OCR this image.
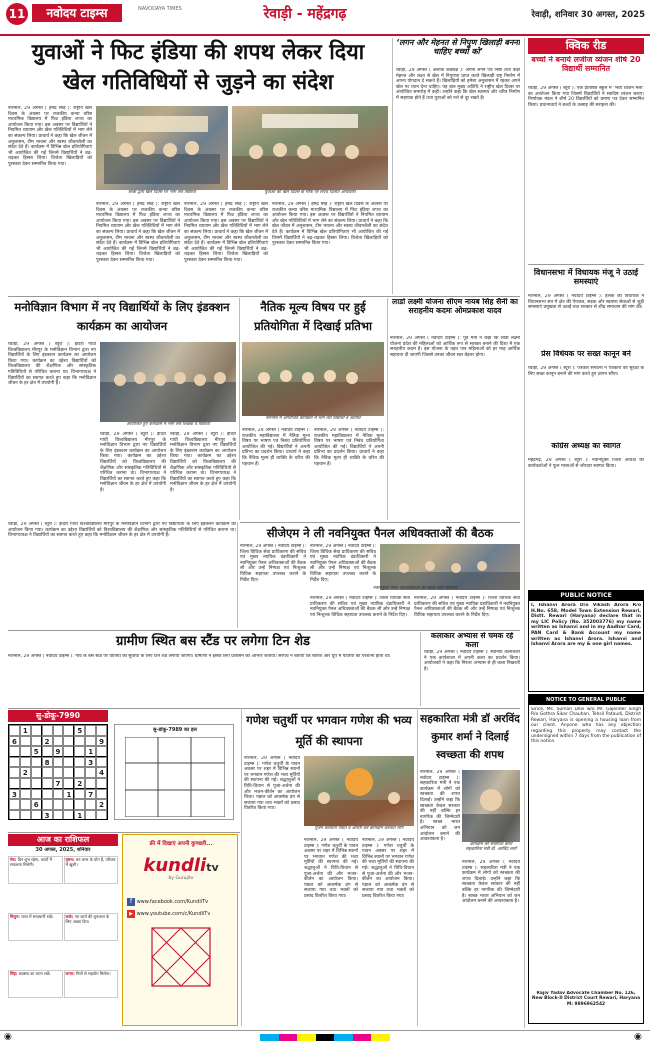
11	नवोदय टाइम्स	NAVODAYA TIMES	रेवाड़ी - महेंद्रगढ़	रेवाड़ी, शनिवार 30 अगस्त, 2025
युवाओं ने फिट इंडिया की शपथ लेकर दिया
खेल गतिविधियों से जुड़ने का संदेश
नारनौल, 29 अगस्त ( हमेंद्र सिंह ): राष्ट्रीय खेल दिवस के अवसर पर राजकीय कन्या वरिष्ठ माध्यमिक विद्यालय में फिट इंडिया शपथ का आयोजन किया गया। इस अवसर पर विद्यार्थियों ने नियमित व्यायाम और खेल गतिविधियों में भाग लेने का संकल्प लिया। प्राचार्य ने कहा कि खेल जीवन में अनुशासन, टीम भावना और स्वस्थ जीवनशैली का संदेश देते हैं। कार्यक्रम में विभिन्न खेल प्रतियोगिताएं भी आयोजित की गईं जिनमें विद्यार्थियों ने बढ़-चढ़कर हिस्सा लिया। विजेता खिलाड़ियों को पुरस्कार देकर सम्मानित किया गया।
छात्रों द्वारा खेल दिवस पर भाग लेते विद्यार्थी	युवाओं को खेल दिवस के मौके पर शपथ दिलाते अधिकारी
नारनौल, 29 अगस्त ( हमेंद्र सिंह ): राष्ट्रीय खेल दिवस के अवसर पर राजकीय कन्या वरिष्ठ माध्यमिक विद्यालय में फिट इंडिया शपथ का आयोजन किया गया। इस अवसर पर विद्यार्थियों ने नियमित व्यायाम और खेल गतिविधियों में भाग लेने का संकल्प लिया। प्राचार्य ने कहा कि खेल जीवन में अनुशासन, टीम भावना और स्वस्थ जीवनशैली का संदेश देते हैं। कार्यक्रम में विभिन्न खेल प्रतियोगिताएं भी आयोजित की गईं जिनमें विद्यार्थियों ने बढ़-चढ़कर हिस्सा लिया। विजेता खिलाड़ियों को पुरस्कार देकर सम्मानित किया गया।
नारनौल, 29 अगस्त ( हमेंद्र सिंह ): राष्ट्रीय खेल दिवस के अवसर पर राजकीय कन्या वरिष्ठ माध्यमिक विद्यालय में फिट इंडिया शपथ का आयोजन किया गया। इस अवसर पर विद्यार्थियों ने नियमित व्यायाम और खेल गतिविधियों में भाग लेने का संकल्प लिया। प्राचार्य ने कहा कि खेल जीवन में अनुशासन, टीम भावना और स्वस्थ जीवनशैली का संदेश देते हैं। कार्यक्रम में विभिन्न खेल प्रतियोगिताएं भी आयोजित की गईं जिनमें विद्यार्थियों ने बढ़-चढ़कर हिस्सा लिया। विजेता खिलाड़ियों को पुरस्कार देकर सम्मानित किया गया।
नारनौल, 29 अगस्त ( हमेंद्र सिंह ): राष्ट्रीय खेल दिवस के अवसर पर राजकीय कन्या वरिष्ठ माध्यमिक विद्यालय में फिट इंडिया शपथ का आयोजन किया गया। इस अवसर पर विद्यार्थियों ने नियमित व्यायाम और खेल गतिविधियों में भाग लेने का संकल्प लिया। प्राचार्य ने कहा कि खेल जीवन में अनुशासन, टीम भावना और स्वस्थ जीवनशैली का संदेश देते हैं। कार्यक्रम में विभिन्न खेल प्रतियोगिताएं भी आयोजित की गईं जिनमें विद्यार्थियों ने बढ़-चढ़कर हिस्सा लिया। विजेता खिलाड़ियों को पुरस्कार देकर सम्मानित किया गया।
‘लगन और मेहनत से निपुण खिलाड़ी बनना चाहिए बच्चों को’
रेवाड़ी, 29 अगस्त ( अशोक कक्कड़ ): अपनी लगन एवं निष्ठा तथा कड़ी मेहनत और लक्ष्य से खेल में निपुणता प्राप्त करते खिलाड़ी राष्ट्र निर्माण में अपना योगदान दे सकते हैं। खिलाड़ियों को हमेशा अनुशासन में रहकर अपने खेल पर ध्यान देना चाहिए। यह बात मुख्य अतिथि ने राष्ट्रीय खेल दिवस पर आयोजित समारोह में कही। उन्होंने कहा कि खेल स्वास्थ्य और चरित्र निर्माण में सहायक होते हैं तथा युवाओं को नशे से दूर रखते हैं।
क्विक रीड
बच्चों ने बनाये लजीज व्यंजन शीर्ष 20 विद्यार्थी सम्मानित
रेवाड़ी, 29 अगस्त ( ब्यूरो ): एक प्रतिष्ठित स्कूल में ‘भव्य व्यंजन मेला’ का आयोजन किया गया जिसमें विद्यार्थियों ने स्वादिष्ट व्यंजन बनाए। निर्णायक मंडल ने शीर्ष 20 विद्यार्थियों को प्रमाण पत्र देकर सम्मानित किया। प्रधानाचार्य ने बच्चों के उत्साह की सराहना की।
विधानसभा में विधायक मंजू ने उठाई समस्याएं
नारनौल, 29 अगस्त ( नवोदय टाइम्स ): हलके की विधायक ने विधानसभा सत्र में क्षेत्र की पेयजल, सड़क और स्वास्थ्य सेवाओं से जुड़ी समस्याएं प्रमुखता से उठाईं तथा सरकार से शीघ्र समाधान की मांग की।
प्रेस विधेयक पर सख्त कानून बने
रेवाड़ी, 29 अगस्त ( ब्यूरो ): पत्रकार संगठनों ने पत्रकारों की सुरक्षा के लिए सख्त कानून बनाने की मांग करते हुए ज्ञापन सौंपा।
कांग्रेस अध्यक्ष का स्वागत
महेंद्रगढ़, 29 अगस्त ( ब्यूरो ): नवनियुक्त जिला अध्यक्ष का कार्यकर्ताओं ने फूल मालाओं से जोरदार स्वागत किया।
मनोविज्ञान विभाग में नए विद्यार्थियों के लिए इंडक्शन कार्यक्रम का आयोजन
रेवाड़ी, 29 अगस्त ( ब्यूरो ): इंदिरा गांधी विश्वविद्यालय मीरपुर के मनोविज्ञान विभाग द्वारा नए विद्यार्थियों के लिए इंडक्शन कार्यक्रम का आयोजन किया गया। कार्यक्रम का उद्देश्य विद्यार्थियों को विश्वविद्यालय की शैक्षणिक और सांस्कृतिक गतिविधियों से परिचित कराना था। विभागाध्यक्ष ने विद्यार्थियों का स्वागत करते हुए कहा कि मनोविज्ञान जीवन के हर क्षेत्र में उपयोगी है।
आयोजित हुए कार्यक्रम में भाग लेते शिक्षक व विद्यार्थी
रेवाड़ी, 29 अगस्त ( ब्यूरो ): इंदिरा गांधी विश्वविद्यालय मीरपुर के मनोविज्ञान विभाग द्वारा नए विद्यार्थियों के लिए इंडक्शन कार्यक्रम का आयोजन किया गया। कार्यक्रम का उद्देश्य विद्यार्थियों को विश्वविद्यालय की शैक्षणिक और सांस्कृतिक गतिविधियों से परिचित कराना था। विभागाध्यक्ष ने विद्यार्थियों का स्वागत करते हुए कहा कि मनोविज्ञान जीवन के हर क्षेत्र में उपयोगी है।
रेवाड़ी, 29 अगस्त ( ब्यूरो ): इंदिरा गांधी विश्वविद्यालय मीरपुर के मनोविज्ञान विभाग द्वारा नए विद्यार्थियों के लिए इंडक्शन कार्यक्रम का आयोजन किया गया। कार्यक्रम का उद्देश्य विद्यार्थियों को विश्वविद्यालय की शैक्षणिक और सांस्कृतिक गतिविधियों से परिचित कराना था। विभागाध्यक्ष ने विद्यार्थियों का स्वागत करते हुए कहा कि मनोविज्ञान जीवन के हर क्षेत्र में उपयोगी है।
नैतिक मूल्य विषय पर हुई प्रतियोगिता में दिखाई प्रतिभा
नारनौल में आयोजित कार्यक्रम में भाग लेते विद्यार्थी व अतिथि
नारनौल, 29 अगस्त ( नवोदय टाइम्स ): राजकीय महाविद्यालय में नैतिक मूल्य विषय पर भाषण एवं निबंध प्रतियोगिता आयोजित की गई। विद्यार्थियों ने अपनी प्रतिभा का प्रदर्शन किया। प्राचार्य ने कहा कि नैतिक मूल्य ही व्यक्ति के चरित्र की पहचान हैं।
नारनौल, 29 अगस्त ( नवोदय टाइम्स ): राजकीय महाविद्यालय में नैतिक मूल्य विषय पर भाषण एवं निबंध प्रतियोगिता आयोजित की गई। विद्यार्थियों ने अपनी प्रतिभा का प्रदर्शन किया। प्राचार्य ने कहा कि नैतिक मूल्य ही व्यक्ति के चरित्र की पहचान हैं।
लाडो लक्ष्मी योजना सीएम नायब सिंह सैनी का सराहनीय कदमः ओमप्रकाश यादव
नारनौल, 29 अगस्त ( नवोदय टाइम्स ): पूर्व मंत्री ने कहा कि लाडो लक्ष्मी योजना प्रदेश की महिलाओं को आर्थिक रूप से सशक्त बनाने की दिशा में एक सराहनीय कदम है। इस योजना के तहत पात्र महिलाओं को हर माह आर्थिक सहायता दी जाएगी जिससे उनका जीवन स्तर बेहतर होगा।
सीजेएम ने ली नवनियुक्त पैनल अधिवक्ताओं की बैठक
नारनौल, 29 अगस्त ( नवोदय टाइम्स ): जिला विधिक सेवा प्राधिकरण की सचिव एवं मुख्य न्यायिक दंडाधिकारी ने नवनियुक्त पैनल अधिवक्ताओं की बैठक ली और उन्हें निष्पक्ष एवं निःशुल्क विधिक सहायता उपलब्ध कराने के निर्देश दिए।
नारनौल, 29 अगस्त ( नवोदय टाइम्स ): जिला विधिक सेवा प्राधिकरण की सचिव एवं मुख्य न्यायिक दंडाधिकारी ने नवनियुक्त पैनल अधिवक्ताओं की बैठक ली और उन्हें निष्पक्ष एवं निःशुल्क विधिक सहायता उपलब्ध कराने के निर्देश दिए।
नवनियुक्त पैनल अधिवक्ताओं की बैठक लेती सीजेएम
नारनौल, 29 अगस्त ( नवोदय टाइम्स ): जिला विधिक सेवा प्राधिकरण की सचिव एवं मुख्य न्यायिक दंडाधिकारी ने नवनियुक्त पैनल अधिवक्ताओं की बैठक ली और उन्हें निष्पक्ष एवं निःशुल्क विधिक सहायता उपलब्ध कराने के निर्देश दिए।
नारनौल, 29 अगस्त ( नवोदय टाइम्स ): जिला विधिक सेवा प्राधिकरण की सचिव एवं मुख्य न्यायिक दंडाधिकारी ने नवनियुक्त पैनल अधिवक्ताओं की बैठक ली और उन्हें निष्पक्ष एवं निःशुल्क विधिक सहायता उपलब्ध कराने के निर्देश दिए।
रेवाड़ी, 29 अगस्त ( ब्यूरो ): इंदिरा गांधी विश्वविद्यालय मीरपुर के मनोविज्ञान विभाग द्वारा नए विद्यार्थियों के लिए इंडक्शन कार्यक्रम का आयोजन किया गया। कार्यक्रम का उद्देश्य विद्यार्थियों को विश्वविद्यालय की शैक्षणिक और सांस्कृतिक गतिविधियों से परिचित कराना था। विभागाध्यक्ष ने विद्यार्थियों का स्वागत करते हुए कहा कि मनोविज्ञान जीवन के हर क्षेत्र में उपयोगी है।
ग्रामीण स्थित बस स्टैंड पर लगेगा टिन शेड
नारनौल, 29 अगस्त ( नवोदय टाइम्स ): गांव के बस स्टैंड पर यात्रियों की सुविधा के लिए टिन शेड लगाया जाएगा। ग्रामीणों ने इसके लिए प्रशासन का आभार जताया। सरपंच ने बताया कि बारिश और धूप में यात्रियों को परेशानी होती थी।
कलाकार अभ्यास से चमक रहे कला
रेवाड़ी, 29 अगस्त ( नवोदय टाइम्स ): स्थानीय कलाकारों ने एक कार्यशाला में अपनी कला का प्रदर्शन किया। आयोजकों ने कहा कि निरंतर अभ्यास से ही कला निखरती है।
सु-डोकू-7990
1	5
6	2	9
5	9	1
8	3
2	4
7	2
3	1	7
6	2
3	1
सु-डोकू-7989 का हल
आज का राशिफल
30 अगस्त, 2025, शनिवार
मेष: दिन शुभ रहेगा, कार्यों में सफलता मिलेगी।
वृषभ: धन लाभ के योग हैं, परिवार में खुशी।
मिथुन: यात्रा में सावधानी रखें।	कर्क: नए कार्य की शुरुआत के लिए अच्छा दिन।
सिंह: स्वास्थ्य का ध्यान रखें।	कन्या: मित्रों से सहयोग मिलेगा।
फ्री में दिखाएं अपनी कुण्डली...
kundlitv
by Gurujitv
f www.facebook.com/KundliTv
▶ www.youtube.com/c/KundliTv
गणेश चतुर्थी पर भगवान गणेश की भव्य मूर्ति की स्थापना
नारनौल, 29 अगस्त ( नवोदय टाइम्स ): गणेश चतुर्थी के पावन अवसर पर शहर में विभिन्न स्थानों पर भगवान गणेश की भव्य मूर्तियों की स्थापना की गई। श्रद्धालुओं ने विधि-विधान से पूजा-अर्चना की और भजन-कीर्तन का आयोजन किया। पंडाल को आकर्षक ढंग से सजाया गया तथा भक्तों को प्रसाद वितरित किया गया।
पूजन करवाता पंडित व आरती कर कार्यक्रम करवाते लोग
नारनौल, 29 अगस्त ( नवोदय टाइम्स ): गणेश चतुर्थी के पावन अवसर पर शहर में विभिन्न स्थानों पर भगवान गणेश की भव्य मूर्तियों की स्थापना की गई। श्रद्धालुओं ने विधि-विधान से पूजा-अर्चना की और भजन-कीर्तन का आयोजन किया। पंडाल को आकर्षक ढंग से सजाया गया तथा भक्तों को प्रसाद वितरित किया गया।
नारनौल, 29 अगस्त ( नवोदय टाइम्स ): गणेश चतुर्थी के पावन अवसर पर शहर में विभिन्न स्थानों पर भगवान गणेश की भव्य मूर्तियों की स्थापना की गई। श्रद्धालुओं ने विधि-विधान से पूजा-अर्चना की और भजन-कीर्तन का आयोजन किया। पंडाल को आकर्षक ढंग से सजाया गया तथा भक्तों को प्रसाद वितरित किया गया।
सहकारिता मंत्री डॉ अरविंद कुमार शर्मा ने दिलाई स्वच्छता की शपथ
नारनौल, 29 अगस्त ( नवोदय टाइम्स ): सहकारिता मंत्री ने एक कार्यक्रम में लोगों को स्वच्छता की शपथ दिलाई। उन्होंने कहा कि स्वच्छता केवल सरकार की नहीं बल्कि हर नागरिक की जिम्मेदारी है। स्वच्छ भारत अभियान को जन आंदोलन बनाने की आवश्यकता है।
कार्यक्रम को संबोधित करते सहकारिता मंत्री डॉ. अरविंद शर्मा
नारनौल, 29 अगस्त ( नवोदय टाइम्स ): सहकारिता मंत्री ने एक कार्यक्रम में लोगों को स्वच्छता की शपथ दिलाई। उन्होंने कहा कि स्वच्छता केवल सरकार की नहीं बल्कि हर नागरिक की जिम्मेदारी है। स्वच्छ भारत अभियान को जन आंदोलन बनाने की आवश्यकता है।
PUBLIC NOTICE
I, Ishanvi Arora D/o Vikash Arora R/o H.No. 658, Model Town Extension Rewari, Distt. Rewari (Haryana) declare that in my LIC Policy (No. 352003776) my name written as Ishanvi and in my Aadhar Card, PAN Card & Bank Account my name written as Ishanvi Arora. Ishanvi and Ishanvi Arora are my & one girl names.
NOTICE TO GENERAL PUBLIC
Since, Ms. Suman Devi w/o Mr. Gajender Singh R/o Gothra Sikar Chauhan, Tehsil Pataudi, District Rewari, Haryana is opening a housing loan from our client. Anyone who has any objection regarding this property may contact the undersigned within 7 days from the publication of this notice.
Rajiv Yadav Advocate Chamber No. 126, New Block-II District Court Rewari, Haryana M: 9896962542
◉	◉
